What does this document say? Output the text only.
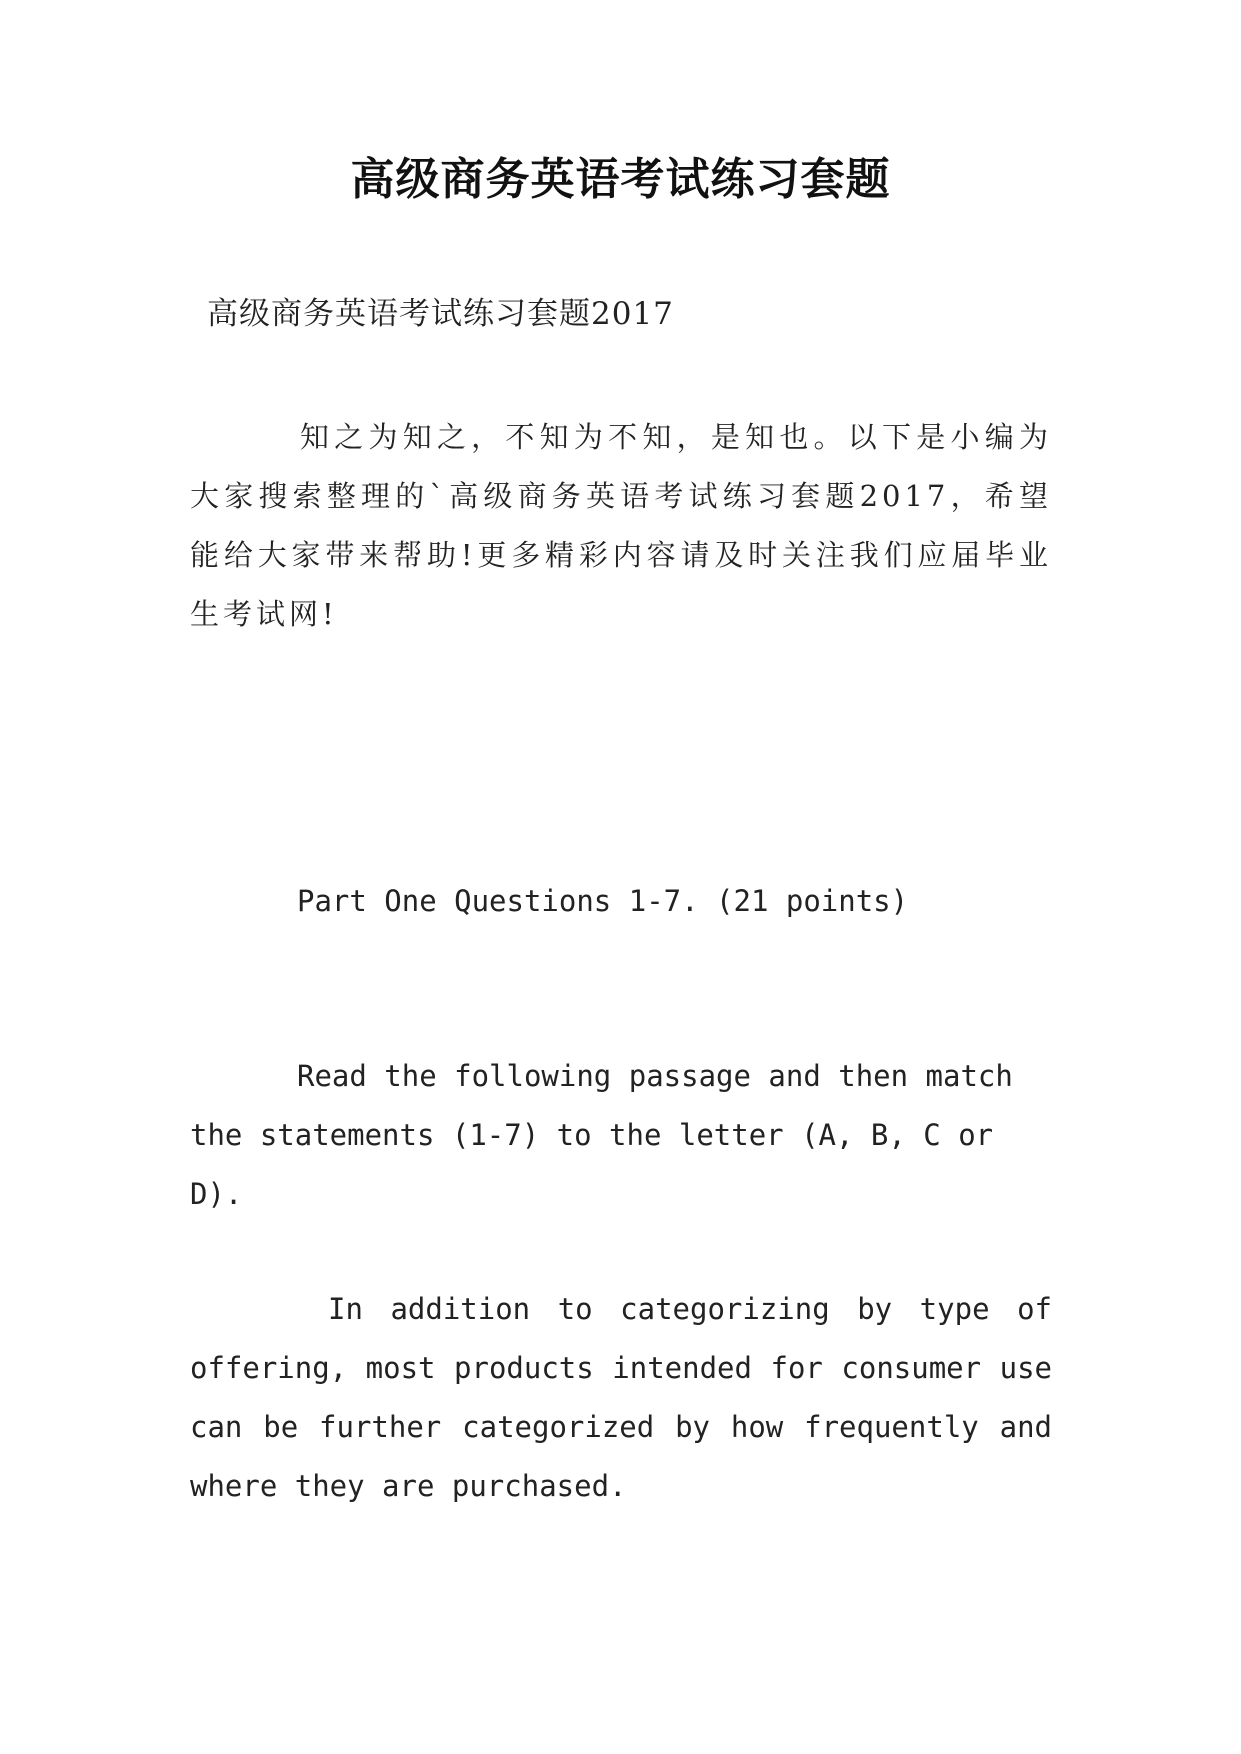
高级商务英语考试练习套题
高级商务英语考试练习套题2017

知之为知之，不知为不知，是知也。以下是小编为大家搜索整理的`高级商务英语考试练习套题2017，希望能给大家带来帮助!更多精彩内容请及时关注我们应届毕业生考试网!

Part One Questions 1-7. (21 points)

Read the following passage and then match the statements (1-7) to the letter (A, B, C or D).

In addition to categorizing by type of offering, most products intended for consumer use can be further categorized by how frequently and where they are purchased.
